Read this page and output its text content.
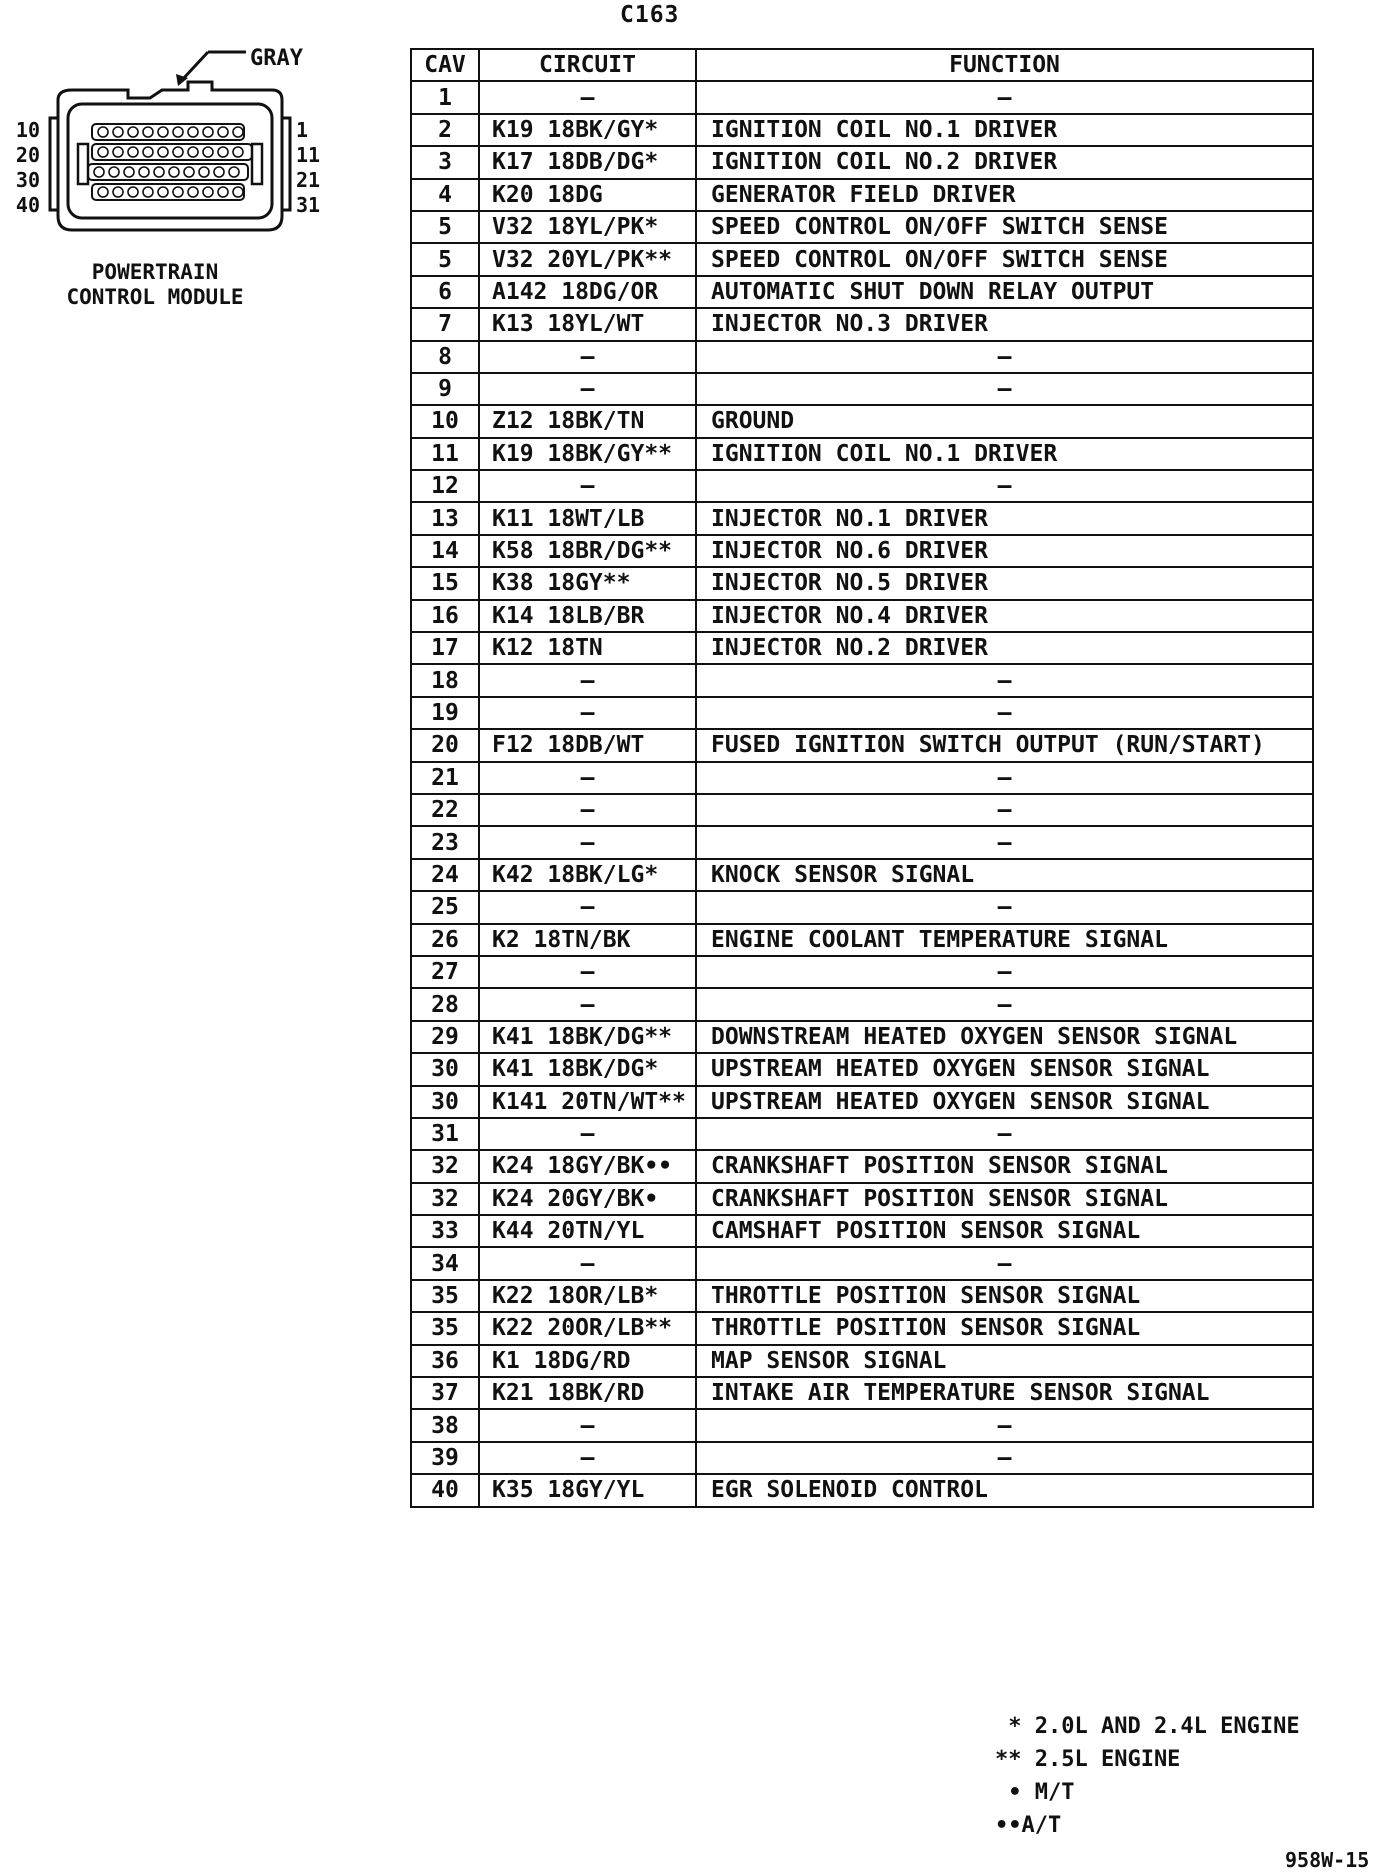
C163
GRAY
10
20
30
40
1
11
21
31
POWERTRAIN
CONTROL MODULE
CAV	CIRCUIT	FUNCTION
1	–	–
2	K19 18BK/GY*	IGNITION COIL NO.1 DRIVER
3	K17 18DB/DG*	IGNITION COIL NO.2 DRIVER
4	K20 18DG	GENERATOR FIELD DRIVER
5	V32 18YL/PK*	SPEED CONTROL ON/OFF SWITCH SENSE
5	V32 20YL/PK**	SPEED CONTROL ON/OFF SWITCH SENSE
6	A142 18DG/OR	AUTOMATIC SHUT DOWN RELAY OUTPUT
7	K13 18YL/WT	INJECTOR NO.3 DRIVER
8	–	–
9	–	–
10	Z12 18BK/TN	GROUND
11	K19 18BK/GY**	IGNITION COIL NO.1 DRIVER
12	–	–
13	K11 18WT/LB	INJECTOR NO.1 DRIVER
14	K58 18BR/DG**	INJECTOR NO.6 DRIVER
15	K38 18GY**	INJECTOR NO.5 DRIVER
16	K14 18LB/BR	INJECTOR NO.4 DRIVER
17	K12 18TN	INJECTOR NO.2 DRIVER
18	–	–
19	–	–
20	F12 18DB/WT	FUSED IGNITION SWITCH OUTPUT (RUN/START)
21	–	–
22	–	–
23	–	–
24	K42 18BK/LG*	KNOCK SENSOR SIGNAL
25	–	–
26	K2 18TN/BK	ENGINE COOLANT TEMPERATURE SIGNAL
27	–	–
28	–	–
29	K41 18BK/DG**	DOWNSTREAM HEATED OXYGEN SENSOR SIGNAL
30	K41 18BK/DG*	UPSTREAM HEATED OXYGEN SENSOR SIGNAL
30	K141 20TN/WT**	UPSTREAM HEATED OXYGEN SENSOR SIGNAL
31	–	–
32	K24 18GY/BK••	CRANKSHAFT POSITION SENSOR SIGNAL
32	K24 20GY/BK•	CRANKSHAFT POSITION SENSOR SIGNAL
33	K44 20TN/YL	CAMSHAFT POSITION SENSOR SIGNAL
34	–	–
35	K22 18OR/LB*	THROTTLE POSITION SENSOR SIGNAL
35	K22 20OR/LB**	THROTTLE POSITION SENSOR SIGNAL
36	K1 18DG/RD	MAP SENSOR SIGNAL
37	K21 18BK/RD	INTAKE AIR TEMPERATURE SENSOR SIGNAL
38	–	–
39	–	–
40	K35 18GY/YL	EGR SOLENOID CONTROL
* 2.0L AND 2.4L ENGINE
** 2.5L ENGINE
• M/T
••A/T
958W-15
